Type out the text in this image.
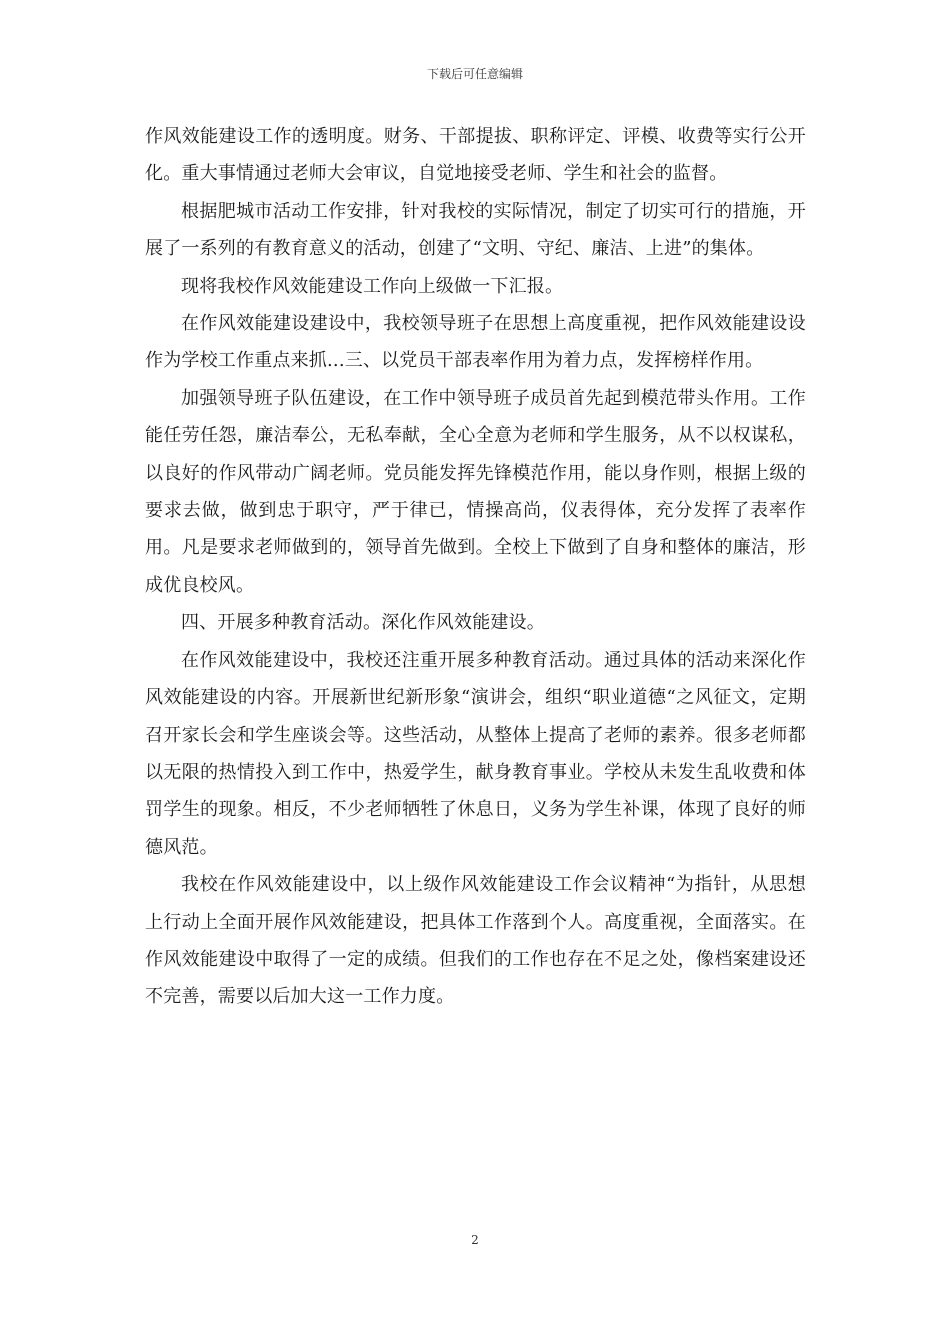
下载后可任意编辑

作风效能建设工作的透明度。财务、干部提拔、职称评定、评模、收费等实行公开化。重大事情通过老师大会审议，自觉地接受老师、学生和社会的监督。

根据肥城市活动工作安排，针对我校的实际情况，制定了切实可行的措施，开展了一系列的有教育意义的活动，创建了“文明、守纪、廉洁、上进”的集体。

现将我校作风效能建设工作向上级做一下汇报。

在作风效能建设建设中，我校领导班子在思想上高度重视，把作风效能建设设作为学校工作重点来抓...三、以党员干部表率作用为着力点，发挥榜样作用。

加强领导班子队伍建设，在工作中领导班子成员首先起到模范带头作用。工作能任劳任怨，廉洁奉公，无私奉献，全心全意为老师和学生服务，从不以权谋私，以良好的作风带动广阔老师。党员能发挥先锋模范作用，能以身作则，根据上级的要求去做，做到忠于职守，严于律已，情操高尚，仪表得体，充分发挥了表率作用。凡是要求老师做到的，领导首先做到。全校上下做到了自身和整体的廉洁，形成优良校风。

四、开展多种教育活动。深化作风效能建设。

在作风效能建设中，我校还注重开展多种教育活动。通过具体的活动来深化作风效能建设的内容。开展新世纪新形象“演讲会，组织“职业道德“之风征文，定期召开家长会和学生座谈会等。这些活动，从整体上提高了老师的素养。很多老师都以无限的热情投入到工作中，热爱学生，献身教育事业。学校从未发生乱收费和体罚学生的现象。相反，不少老师牺牲了休息日，义务为学生补课，体现了良好的师德风范。

我校在作风效能建设中，以上级作风效能建设工作会议精神“为指针，从思想上行动上全面开展作风效能建设，把具体工作落到个人。高度重视，全面落实。在作风效能建设中取得了一定的成绩。但我们的工作也存在不足之处，像档案建设还不完善，需要以后加大这一工作力度。

2
